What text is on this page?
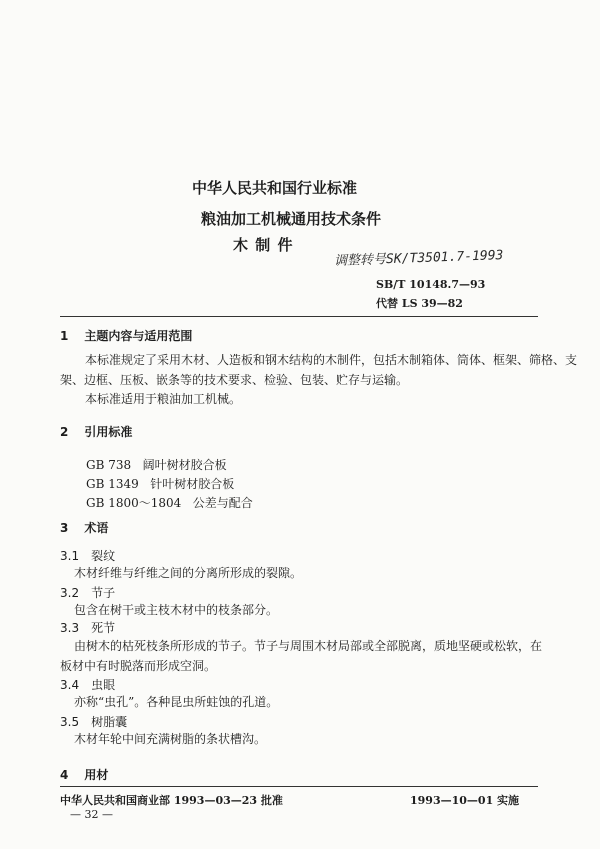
中华人民共和国行业标准
粮油加工机械通用技术条件
木 制 件
调整转号SK/T3501.7-1993
SB/T 10148.7—93
代替 LS 39—82
1 主题内容与适用范围
本标准规定了采用木材、人造板和钢木结构的木制件，包括木制箱体、筒体、框架、筛格、支
架、边框、压板、嵌条等的技术要求、检验、包装、贮存与运输。
本标准适用于粮油加工机械。
2 引用标准
GB 738   阔叶树材胶合板
GB 1349   针叶树材胶合板
GB 1800～1804   公差与配合
3 术语
3.1 裂纹
木材纤维与纤维之间的分离所形成的裂隙。
3.2 节子
包含在树干或主枝木材中的枝条部分。
3.3 死节
由树木的枯死枝条所形成的节子。节子与周围木材局部或全部脱离，质地坚硬或松软，在
板材中有时脱落而形成空洞。
3.4 虫眼
亦称“虫孔”。各种昆虫所蛀蚀的孔道。
3.5 树脂囊
木材年轮中间充满树脂的条状槽沟。
4 用材
中华人民共和国商业部 1993—03—23 批准	1993—10—01 实施
— 32 —
